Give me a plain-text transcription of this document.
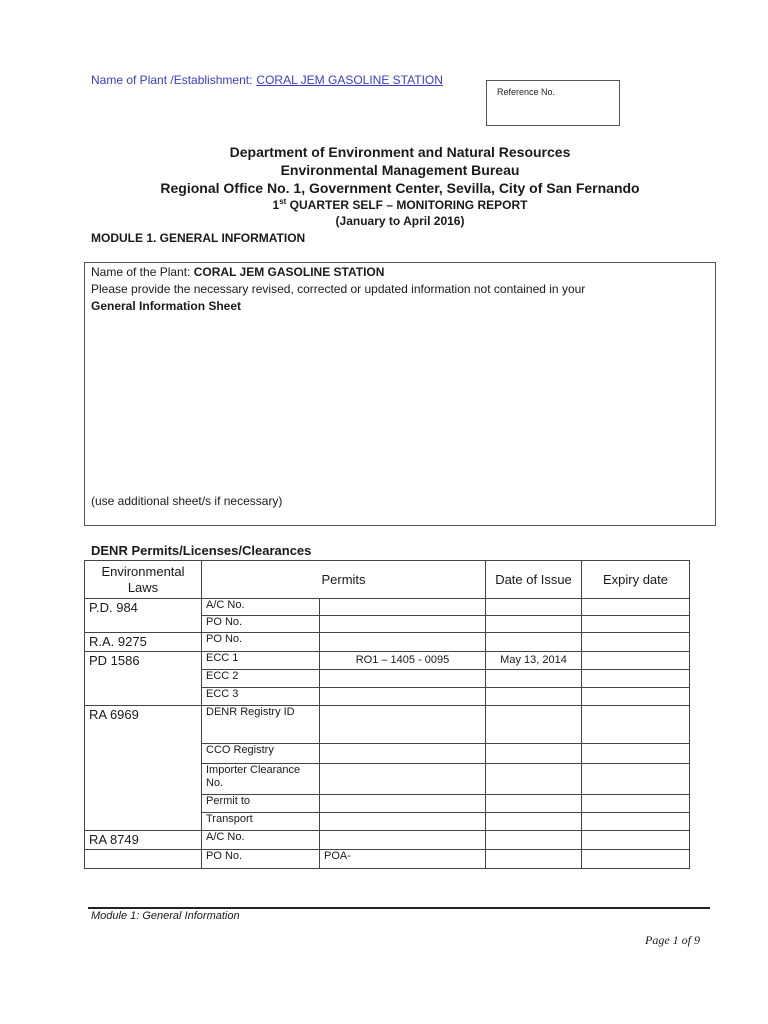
Name of Plant /Establishment: CORAL JEM GASOLINE STATION
Reference No.
Department of Environment and Natural Resources
Environmental Management Bureau
Regional Office No. 1, Government Center, Sevilla, City of San Fernando
1st QUARTER SELF – MONITORING REPORT
(January to April 2016)
MODULE 1. GENERAL INFORMATION
Name of the Plant: CORAL JEM GASOLINE STATION
Please provide the necessary revised, corrected or updated information not contained in your
General Information Sheet
(use additional sheet/s if necessary)
DENR Permits/Licenses/Clearances
Environmental Laws	Permits		Date of Issue	Expiry date
P.D. 984	A/C No.			
	PO No.			
R.A. 9275	PO No.			
PD 1586	ECC 1	RO1 – 1405 - 0095	May 13, 2014	
	ECC 2			
	ECC 3			
RA 6969	DENR Registry ID			
	CCO Registry			
	Importer Clearance No.			
	Permit to			
	Transport			
RA 8749	A/C No.			
	PO No.	POA-		
Module 1: General Information
Page 1 of 9
